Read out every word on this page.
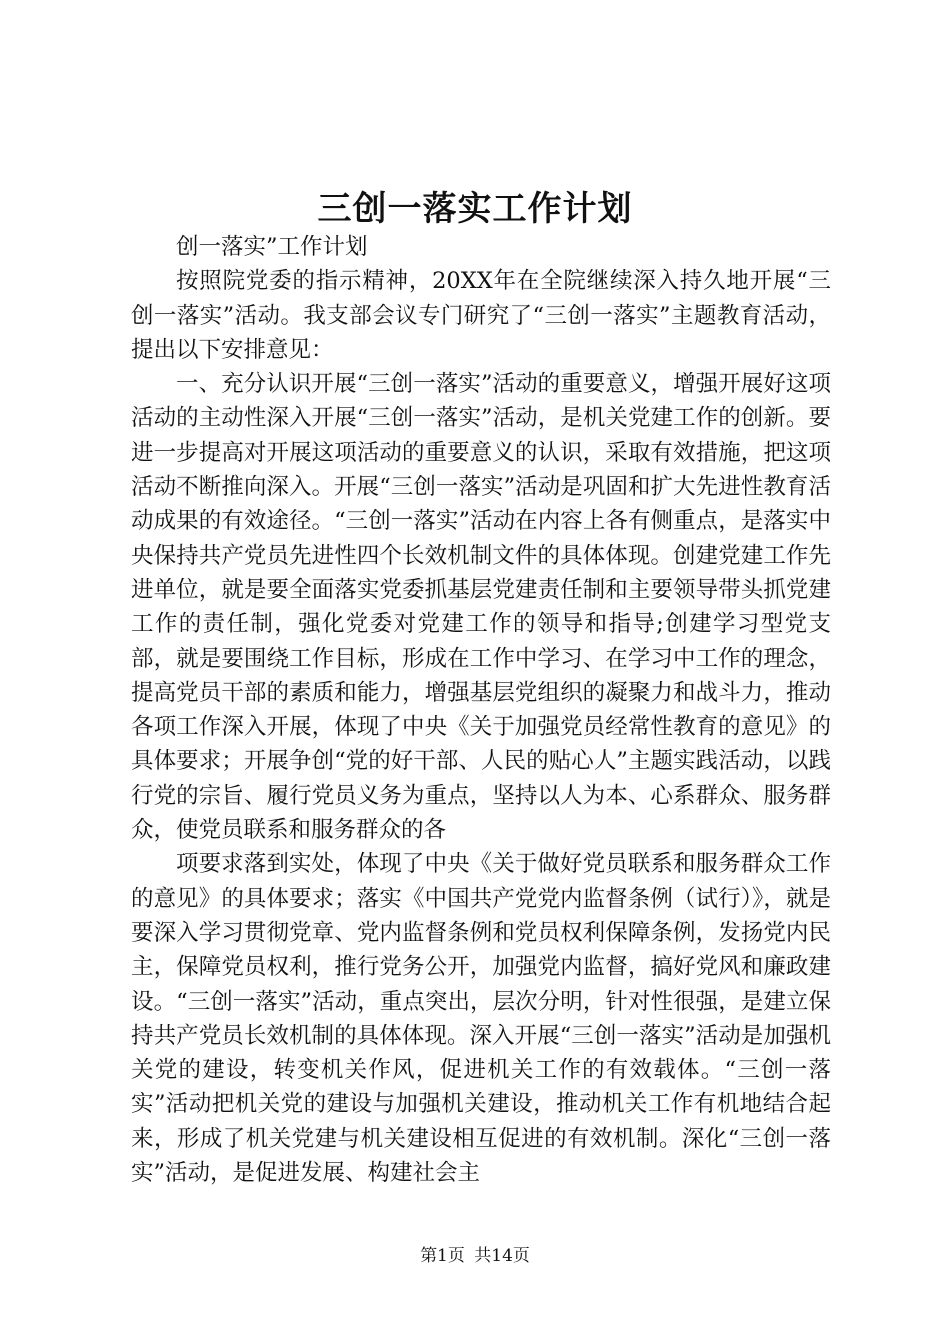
三创一落实工作计划

创一落实”工作计划

按照院党委的指示精神，20XX年在全院继续深入持久地开展“三创一落实”活动。我支部会议专门研究了“三创一落实”主题教育活动，提出以下安排意见：

一、充分认识开展“三创一落实”活动的重要意义，增强开展好这项活动的主动性深入开展“三创一落实”活动，是机关党建工作的创新。要进一步提高对开展这项活动的重要意义的认识，采取有效措施，把这项活动不断推向深入。开展“三创一落实”活动是巩固和扩大先进性教育活动成果的有效途径。“三创一落实”活动在内容上各有侧重点，是落实中央保持共产党员先进性四个长效机制文件的具体体现。创建党建工作先进单位，就是要全面落实党委抓基层党建责任制和主要领导带头抓党建工作的责任制，强化党委对党建工作的领导和指导;创建学习型党支部，就是要围绕工作目标，形成在工作中学习、在学习中工作的理念，提高党员干部的素质和能力，增强基层党组织的凝聚力和战斗力，推动各项工作深入开展，体现了中央《关于加强党员经常性教育的意见》的具体要求；开展争创“党的好干部、人民的贴心人”主题实践活动，以践行党的宗旨、履行党员义务为重点，坚持以人为本、心系群众、服务群众，使党员联系和服务群众的各

项要求落到实处，体现了中央《关于做好党员联系和服务群众工作的意见》的具体要求；落实《中国共产党党内监督条例（试行）》，就是要深入学习贯彻党章、党内监督条例和党员权利保障条例，发扬党内民主，保障党员权利，推行党务公开，加强党内监督，搞好党风和廉政建设。“三创一落实”活动，重点突出，层次分明，针对性很强，是建立保持共产党员长效机制的具体体现。深入开展“三创一落实”活动是加强机关党的建设，转变机关作风，促进机关工作的有效载体。“三创一落实”活动把机关党的建设与加强机关建设，推动机关工作有机地结合起来，形成了机关党建与机关建设相互促进的有效机制。深化“三创一落实”活动，是促进发展、构建社会主

第1页 共14页
